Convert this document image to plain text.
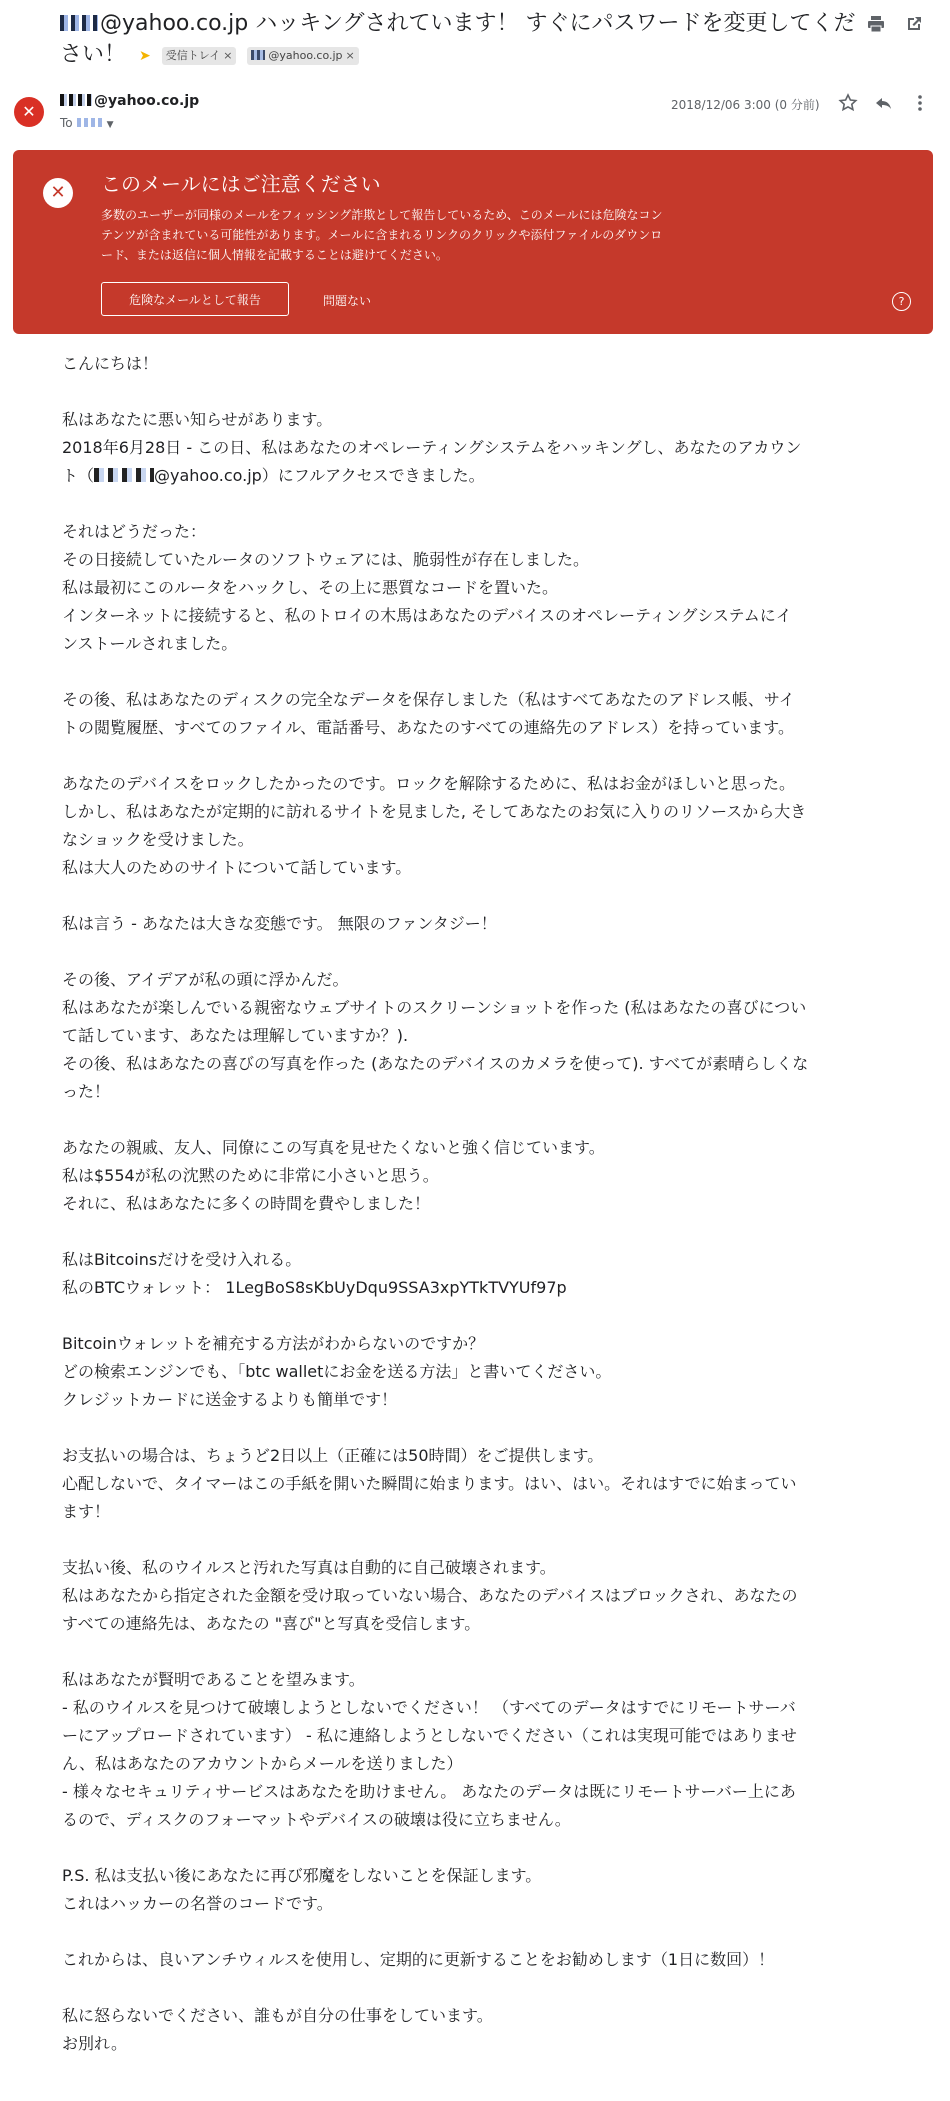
@yahoo.co.jp ハッキングされています！ すぐにパスワードを変更してください！ ➤ 受信トレイ ×	@yahoo.co.jp ×
✕
@yahoo.co.jp
To	▼
2018/12/06 3:00 (0 分前)
✕	このメールにはご注意ください
多数のユーザーが同様のメールをフィッシング詐欺として報告しているため、このメールには危険なコン
テンツが含まれている可能性があります。メールに含まれるリンクのクリックや添付ファイルのダウンロ
ード、または返信に個人情報を記載することは避けてください。
危険なメールとして報告	問題ない	?

こんにちは！

私はあなたに悪い知らせがあります。
2018年6月28日 - この日、私はあなたのオペレーティングシステムをハッキングし、あなたのアカウン
ト（	@yahoo.co.jp）にフルアクセスできました。

それはどうだった：
その日接続していたルータのソフトウェアには、脆弱性が存在しました。
私は最初にこのルータをハックし、その上に悪質なコードを置いた。
インターネットに接続すると、私のトロイの木馬はあなたのデバイスのオペレーティングシステムにイ
ンストールされました。

その後、私はあなたのディスクの完全なデータを保存しました（私はすべてあなたのアドレス帳、サイ
トの閲覧履歴、すべてのファイル、電話番号、あなたのすべての連絡先のアドレス）を持っています。

あなたのデバイスをロックしたかったのです。ロックを解除するために、私はお金がほしいと思った。
しかし、私はあなたが定期的に訪れるサイトを見ました, そしてあなたのお気に入りのリソースから大き
なショックを受けました。
私は大人のためのサイトについて話しています。

私は言う - あなたは大きな変態です。 無限のファンタジー！

その後、アイデアが私の頭に浮かんだ。
私はあなたが楽しんでいる親密なウェブサイトのスクリーンショットを作った (私はあなたの喜びについ
て話しています、あなたは理解していますか？).
その後、私はあなたの喜びの写真を作った (あなたのデバイスのカメラを使って). すべてが素晴らしくな
った！

あなたの親戚、友人、同僚にこの写真を見せたくないと強く信じています。
私は$554が私の沈黙のために非常に小さいと思う。
それに、私はあなたに多くの時間を費やしました！

私はBitcoinsだけを受け入れる。
私のBTCウォレット： 1LegBoS8sKbUyDqu9SSA3xpYTkTVYUf97p

Bitcoinウォレットを補充する方法がわからないのですか？
どの検索エンジンでも、「btc walletにお金を送る方法」と書いてください。
クレジットカードに送金するよりも簡単です！

お支払いの場合は、ちょうど2日以上（正確には50時間）をご提供します。
心配しないで、タイマーはこの手紙を開いた瞬間に始まります。はい、はい。それはすでに始まってい
ます！

支払い後、私のウイルスと汚れた写真は自動的に自己破壊されます。
私はあなたから指定された金額を受け取っていない場合、あなたのデバイスはブロックされ、あなたの
すべての連絡先は、あなたの "喜び"と写真を受信します。

私はあなたが賢明であることを望みます。
- 私のウイルスを見つけて破壊しようとしないでください！ （すべてのデータはすでにリモートサーバ
ーにアップロードされています） - 私に連絡しようとしないでください（これは実現可能ではありませ
ん、私はあなたのアカウントからメールを送りました）
- 様々なセキュリティサービスはあなたを助けません。 あなたのデータは既にリモートサーバー上にあ
るので、ディスクのフォーマットやデバイスの破壊は役に立ちません。

P.S. 私は支払い後にあなたに再び邪魔をしないことを保証します。
これはハッカーの名誉のコードです。

これからは、良いアンチウィルスを使用し、定期的に更新することをお勧めします（1日に数回）！

私に怒らないでください、誰もが自分の仕事をしています。
お別れ。
